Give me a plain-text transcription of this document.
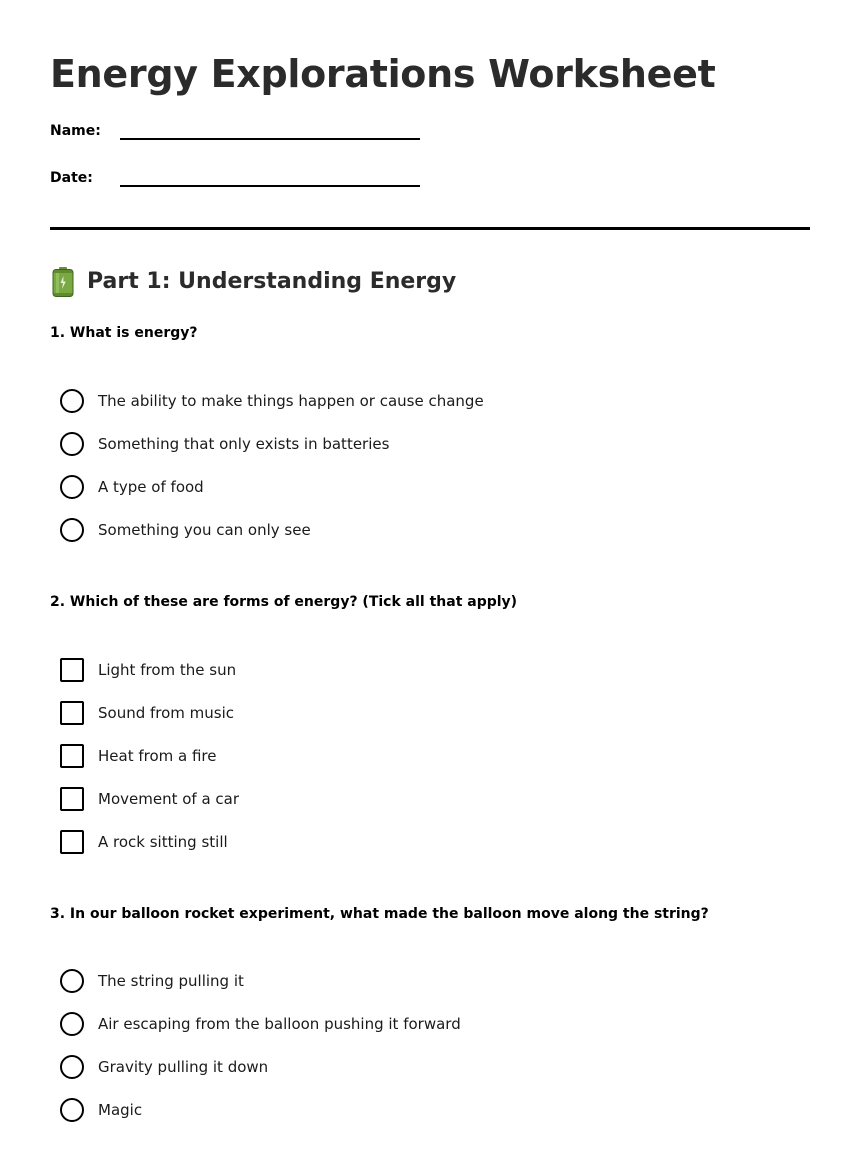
Energy Explorations Worksheet
Name:
Date:
Part 1: Understanding Energy
1. What is energy?
The ability to make things happen or cause change
Something that only exists in batteries
A type of food
Something you can only see
2. Which of these are forms of energy? (Tick all that apply)
Light from the sun
Sound from music
Heat from a fire
Movement of a car
A rock sitting still
3. In our balloon rocket experiment, what made the balloon move along the string?
The string pulling it
Air escaping from the balloon pushing it forward
Gravity pulling it down
Magic
